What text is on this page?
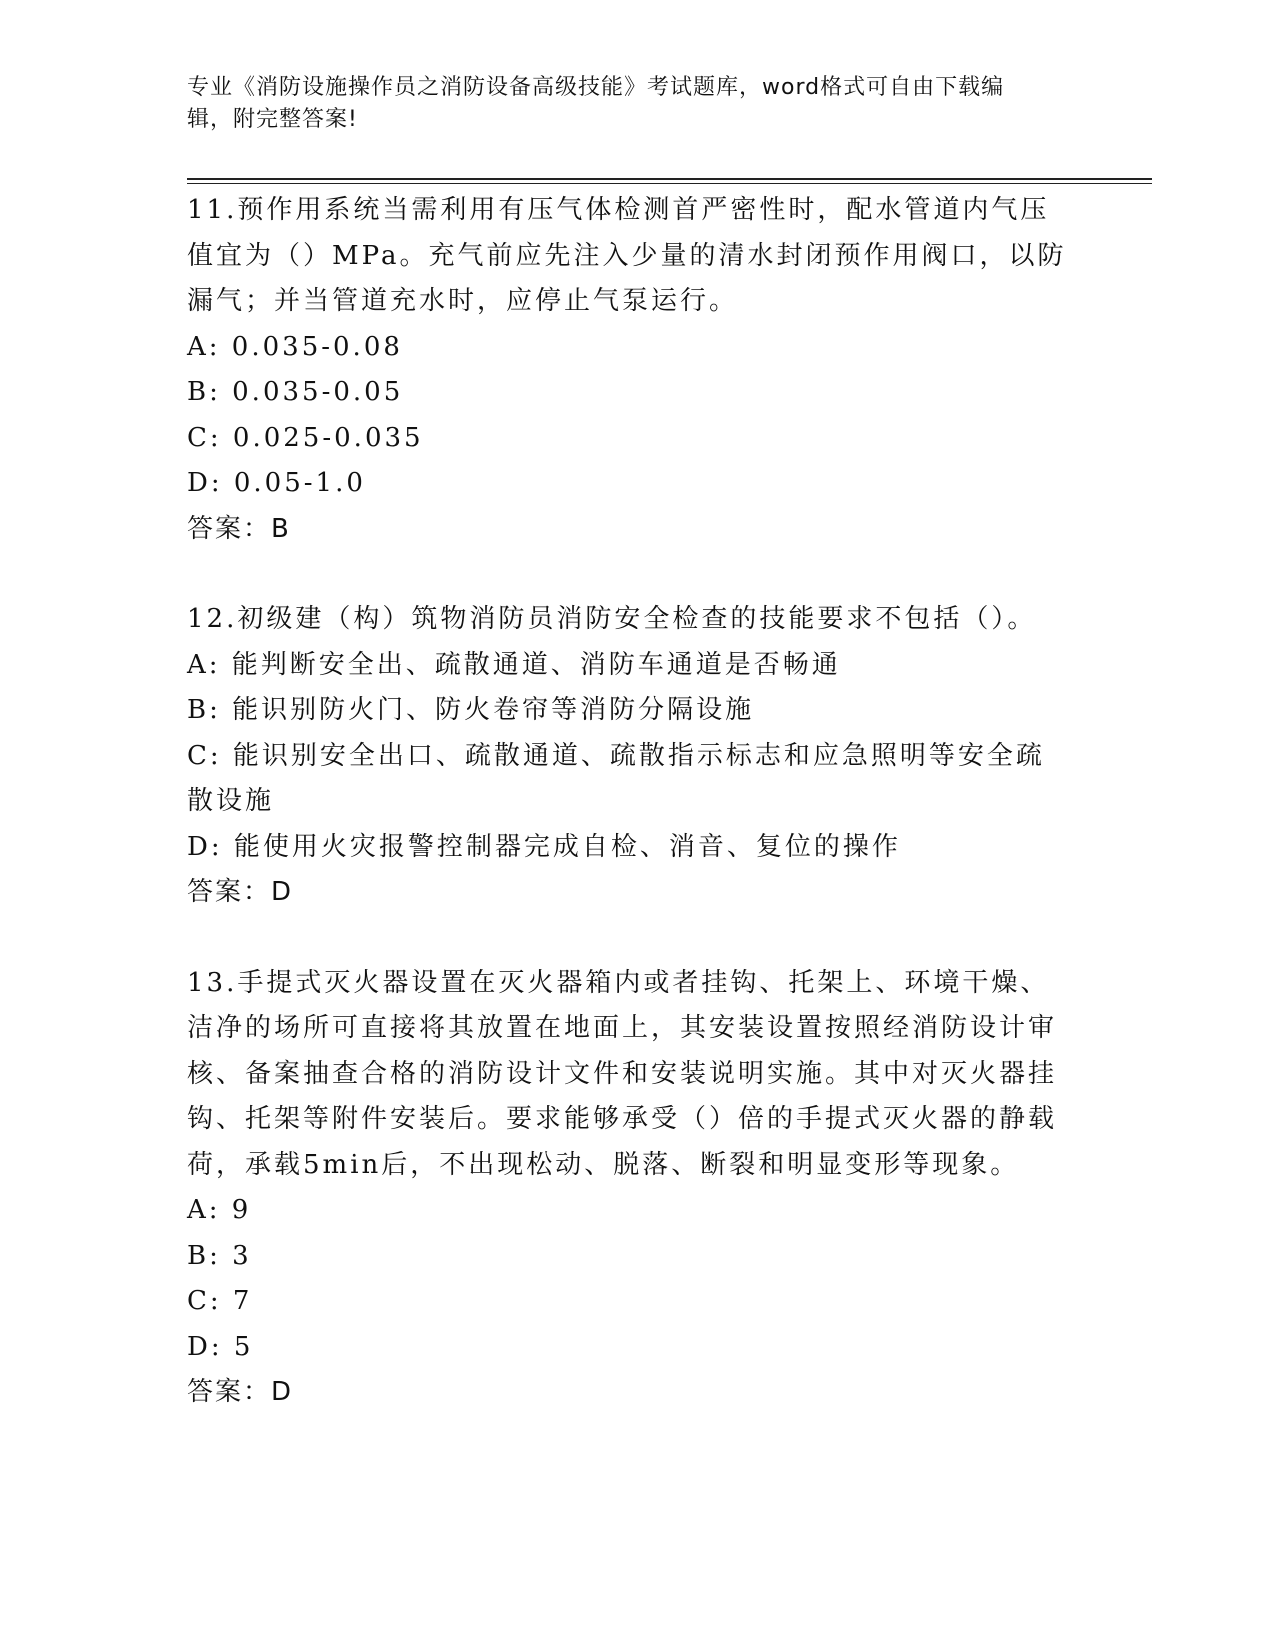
专业《消防设施操作员之消防设备高级技能》考试题库，word格式可自由下载编
辑，附完整答案!

11.预作用系统当需利用有压气体检测首严密性时，配水管道内气压值宜为（）MPa。充气前应先注入少量的清水封闭预作用阀口，以防漏气；并当管道充水时，应停止气泵运行。

A: 0.035-0.08

B: 0.035-0.05

C: 0.025-0.035

D: 0.05-1.0

答案：B

12.初级建（构）筑物消防员消防安全检查的技能要求不包括（）。

A: 能判断安全出、疏散通道、消防车通道是否畅通

B: 能识别防火门、防火卷帘等消防分隔设施

C: 能识别安全出口、疏散通道、疏散指示标志和应急照明等安全疏散设施

D: 能使用火灾报警控制器完成自检、消音、复位的操作

答案：D

13.手提式灭火器设置在灭火器箱内或者挂钩、托架上、环境干燥、洁净的场所可直接将其放置在地面上，其安装设置按照经消防设计审核、备案抽查合格的消防设计文件和安装说明实施。其中对灭火器挂钩、托架等附件安装后。要求能够承受（）倍的手提式灭火器的静载荷，承载5min后，不出现松动、脱落、断裂和明显变形等现象。

A: 9

B: 3

C: 7

D: 5

答案：D
